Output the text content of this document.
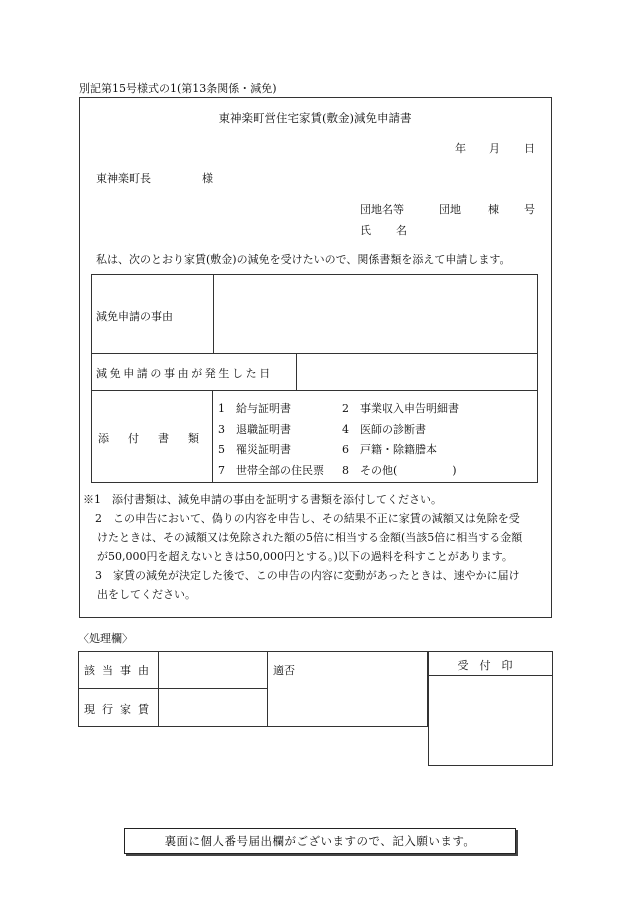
別記第15号様式の1(第13条関係・減免)
東神楽町営住宅家賃(敷金)減免申請書
年 月 日
東神楽町長	様
団地名等	団地 棟 号
氏 名
私は、次のとおり家賃(敷金)の減免を受けたいので、関係書類を添えて申請します。
減免申請の事由
減免申請の事由が発生した日
添付書類
1 給与証明書	2 事業収入申告明細書
3 退職証明書	4 医師の診断書
5 罹災証明書	6 戸籍・除籍謄本
7 世帯全部の住民票 8 その他(　　　　　)
※1　添付書類は、減免申請の事由を証明する書類を添付してください。
2　この申告において、偽りの内容を申告し、その結果不正に家賃の減額又は免除を受
けたときは、その減額又は免除された額の5倍に相当する金額(当該5倍に相当する金額
が50,000円を超えないときは50,000円とする。)以下の過料を科すことがあります。
3　家賃の減免が決定した後で、この申告の内容に変動があったときは、速やかに届け
出をしてください。
〈処理欄〉
該当事由
現行家賃
適否	受付印
裏面に個人番号届出欄がございますので、記入願います。
